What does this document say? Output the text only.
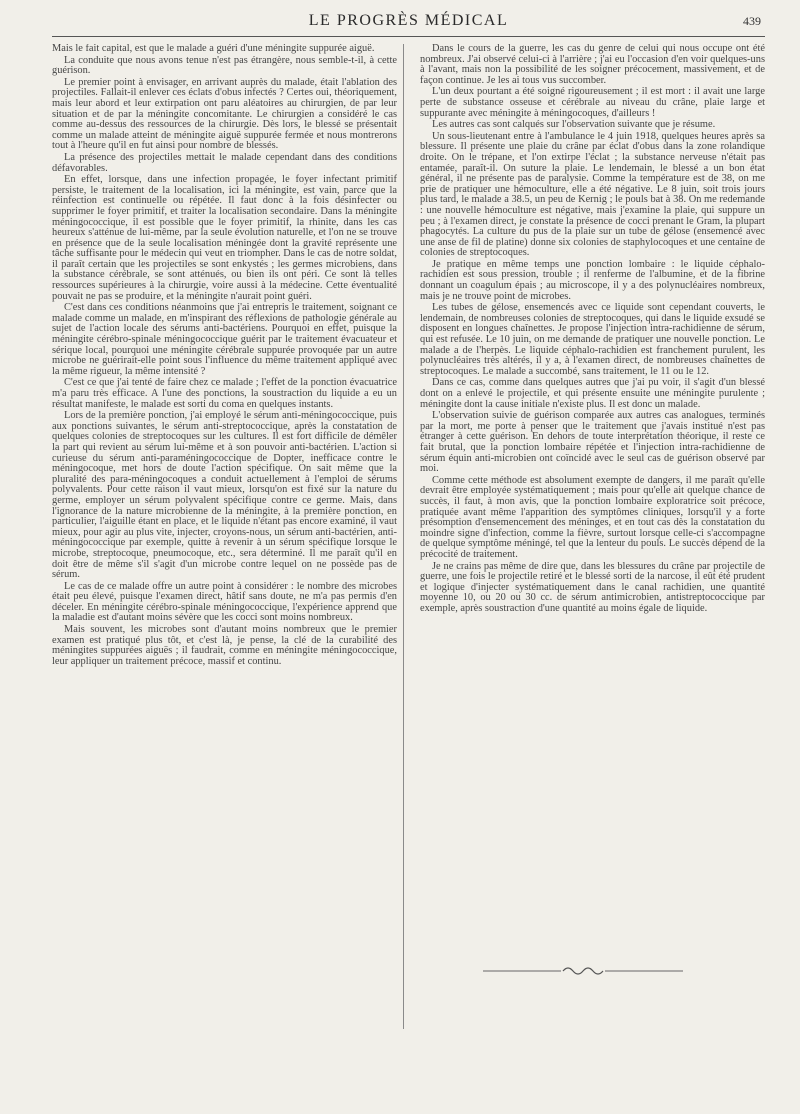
LE PROGRÈS MÉDICAL	439

Mais le fait capital, est que le malade a guéri d'une méningite suppurée aiguë.

La conduite que nous avons tenue n'est pas étrangère, nous semble-t-il, à cette guérison.

Le premier point à envisager, en arrivant auprès du malade, était l'ablation des projectiles. Fallait-il enlever ces éclats d'obus infectés ? Certes oui, théoriquement, mais leur abord et leur extirpation ont paru aléatoires au chirurgien, de par leur situation et de par la méningite concomitante. Le chirurgien a considéré le cas comme au-dessus des ressources de la chirurgie. Dès lors, le blessé se présentait comme un malade atteint de méningite aiguë suppurée fermée et nous montrerons tout à l'heure qu'il en fut ainsi pour nombre de blessés.

La présence des projectiles mettait le malade cependant dans des conditions défavorables.

En effet, lorsque, dans une infection propagée, le foyer infectant primitif persiste, le traitement de la localisation, ici la méningite, est vain, parce que la réinfection est continuelle ou répétée. Il faut donc à la fois désinfecter ou supprimer le foyer primitif, et traiter la localisation secondaire. Dans la méningite méningococcique, il est possible que le foyer primitif, la rhinite, dans les cas heureux s'atténue de lui-même, par la seule évolution naturelle, et l'on ne se trouve en présence que de la seule localisation méningée dont la gravité représente une tâche suffisante pour le médecin qui veut en triompher. Dans le cas de notre soldat, il paraît certain que les projectiles se sont enkystés ; les germes microbiens, dans la substance cérébrale, se sont atténués, ou bien ils ont péri. Ce sont là telles ressources supérieures à la chirurgie, voire aussi à la médecine. Cette éventualité pouvait ne pas se produire, et la méningite n'aurait point guéri.

C'est dans ces conditions néanmoins que j'ai entrepris le traitement, soignant ce malade comme un malade, en m'inspirant des réflexions de pathologie générale au sujet de l'action locale des sérums anti-bactériens. Pourquoi en effet, puisque la méningite cérébro-spinale méningococcique guérit par le traitement évacuateur et sérique local, pourquoi une méningite cérébrale suppurée provoquée par un autre microbe ne guérirait-elle point sous l'influence du même traitement appliqué avec la même rigueur, la même intensité ?

C'est ce que j'ai tenté de faire chez ce malade ; l'effet de la ponction évacuatrice m'a paru très efficace. A l'une des ponctions, la soustraction du liquide a eu un résultat manifeste, le malade est sorti du coma en quelques instants.

Lors de la première ponction, j'ai employé le sérum anti-méningococcique, puis aux ponctions suivantes, le sérum anti-streptococcique, après la constatation de quelques colonies de streptocoques sur les cultures. Il est fort difficile de démêler la part qui revient au sérum lui-même et à son pouvoir anti-bactérien. L'action si curieuse du sérum anti-paraméningococcique de Dopter, inefficace contre le méningocoque, met hors de doute l'action spécifique. On sait même que la pluralité des para-méningocoques a conduit actuellement à l'emploi de sérums polyvalents. Pour cette raison il vaut mieux, lorsqu'on est fixé sur la nature du germe, employer un sérum polyvalent spécifique contre ce germe. Mais, dans l'ignorance de la nature microbienne de la méningite, à la première ponction, en particulier, l'aiguille étant en place, et le liquide n'étant pas encore examiné, il vaut mieux, pour agir au plus vite, injecter, croyons-nous, un sérum anti-bactérien, anti-méningococcique par exemple, quitte à revenir à un sérum spécifique lorsque le microbe, streptocoque, pneumocoque, etc., sera déterminé. Il me paraît qu'il en doit être de même s'il s'agit d'un microbe contre lequel on ne possède pas de sérum.

Le cas de ce malade offre un autre point à considérer : le nombre des microbes était peu élevé, puisque l'examen direct, hâtif sans doute, ne m'a pas permis d'en déceler. En méningite cérébro-spinale méningococcique, l'expérience apprend que la maladie est d'autant moins sévère que les cocci sont moins nombreux.

Mais souvent, les microbes sont d'autant moins nombreux que le premier examen est pratiqué plus tôt, et c'est là, je pense, la clé de la curabilité des méningites suppurées aiguës ; il faudrait, comme en méningite méningococcique, leur appliquer un traitement précoce, massif et continu.

Dans le cours de la guerre, les cas du genre de celui qui nous occupe ont été nombreux. J'ai observé celui-ci à l'arrière ; j'ai eu l'occasion d'en voir quelques-uns à l'avant, mais non la possibilité de les soigner précocement, massivement, et de façon continue. Je les ai tous vus succomber.

L'un deux pourtant a été soigné rigoureusement ; il est mort : il avait une large perte de substance osseuse et cérébrale au niveau du crâne, plaie large et suppurante avec méningite à méningocoques, d'ailleurs !

Les autres cas sont calqués sur l'observation suivante que je résume.

Un sous-lieutenant entre à l'ambulance le 4 juin 1918, quelques heures après sa blessure. Il présente une plaie du crâne par éclat d'obus dans la zone rolandique droite. On le trépane, et l'on extirpe l'éclat ; la substance nerveuse n'était pas entamée, paraît-il. On suture la plaie. Le lendemain, le blessé a un bon état général, il ne présente pas de paralysie. Comme la température est de 38, on me prie de pratiquer une hémoculture, elle a été négative. Le 8 juin, soit trois jours plus tard, le malade a 38.5, un peu de Kernig ; le pouls bat à 38. On me redemande : une nouvelle hémoculture est négative, mais j'examine la plaie, qui suppure un peu ; à l'examen direct, je constate la présence de cocci prenant le Gram, la plupart phagocytés. La culture du pus de la plaie sur un tube de gélose (ensemencé avec une anse de fil de platine) donne six colonies de staphylocoques et une centaine de colonies de streptocoques.

Je pratique en même temps une ponction lombaire : le liquide céphalo-rachidien est sous pression, trouble ; il renferme de l'albumine, et de la fibrine donnant un coagulum épais ; au microscope, il y a des polynucléaires nombreux, mais je ne trouve point de microbes.

Les tubes de gélose, ensemencés avec ce liquide sont cependant couverts, le lendemain, de nombreuses colonies de streptocoques, qui dans le liquide exsudé se disposent en longues chaînettes. Je propose l'injection intra-rachidienne de sérum, qui est refusée. Le 10 juin, on me demande de pratiquer une nouvelle ponction. Le malade a de l'herpès. Le liquide céphalo-rachidien est franchement purulent, les polynucléaires très altérés, il y a, à l'examen direct, de nombreuses chaînettes de streptocoques. Le malade a succombé, sans traitement, le 11 ou le 12.

Dans ce cas, comme dans quelques autres que j'ai pu voir, il s'agit d'un blessé dont on a enlevé le projectile, et qui présente ensuite une méningite purulente ; méningite dont la cause initiale n'existe plus. Il est donc un malade.

L'observation suivie de guérison comparée aux autres cas analogues, terminés par la mort, me porte à penser que le traitement que j'avais institué n'est pas étranger à cette guérison. En dehors de toute interprétation théorique, il reste ce fait brutal, que la ponction lombaire répétée et l'injection intra-rachidienne de sérum équin anti-microbien ont coïncidé avec le seul cas de guérison observé par moi.

Comme cette méthode est absolument exempte de dangers, il me paraît qu'elle devrait être employée systématiquement ; mais pour qu'elle ait quelque chance de succès, il faut, à mon avis, que la ponction lombaire exploratrice soit précoce, pratiquée avant même l'apparition des symptômes cliniques, lorsqu'il y a forte présomption d'ensemencement des méninges, et en tout cas dès la constatation du moindre signe d'infection, comme la fièvre, surtout lorsque celle-ci s'accompagne de quelque symptôme méningé, tel que la lenteur du pouls. Le succès dépend de la précocité de traitement.

Je ne crains pas même de dire que, dans les blessures du crâne par projectile de guerre, une fois le projectile retiré et le blessé sorti de la narcose, il eût été prudent et logique d'injecter systématiquement dans le canal rachidien, une quantité moyenne 10, ou 20 ou 30 cc. de sérum antimicrobien, antistreptococcique par exemple, après soustraction d'une quantité au moins égale de liquide.
